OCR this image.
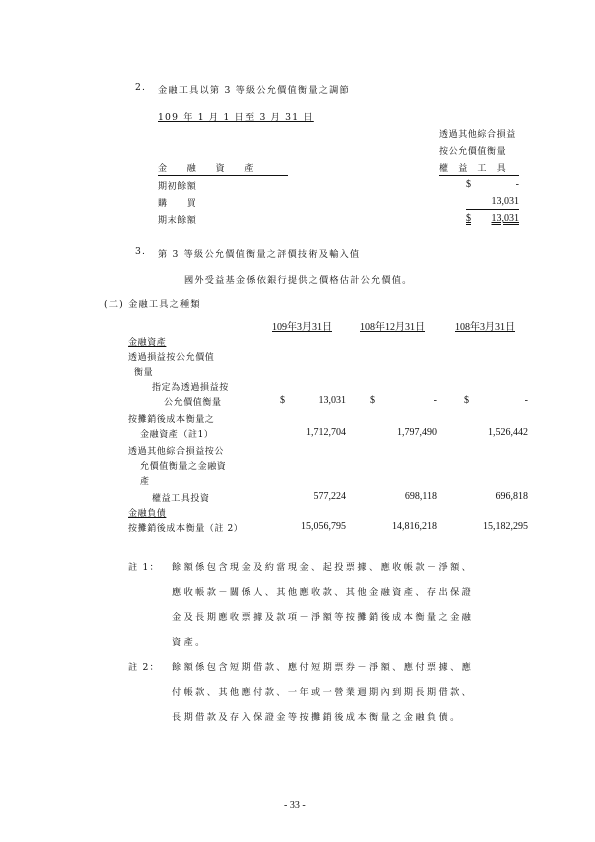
2. 金融工具以第 3 等級公允價值衡量之調節
109 年 1 月 1 日至 3 月 31 日
透過其他綜合損益
按公允價值衡量
權　益　工　具
金　　融　　資　　產
期初餘額	$	-
購　　買	13,031
期末餘額	$	13,031
3. 第 3 等級公允價值衡量之評價技術及輸入值
國外受益基金係依銀行提供之價格估計公允價值。
(二) 金融工具之種類
109年3月31日	108年12月31日	108年3月31日
金融資產
透過損益按公允價值
衡量
指定為透過損益按
公允價值衡量	$	13,031 $	-	$	-
按攤銷後成本衡量之
金融資產（註1）	1,712,704	1,797,490	1,526,442
透過其他綜合損益按公
允價值衡量之金融資
產
權益工具投資	577,224	698,118	696,818
金融負債
按攤銷後成本衡量（註 2）	15,056,795	14,816,218	15,182,295
註 1： 餘額係包含現金及約當現金、起投票據、應收帳款－淨額、
應收帳款－關係人、其他應收款、其他金融資產、存出保證
金及長期應收票據及款項－淨額等按攤銷後成本衡量之金融
資產。
註 2： 餘額係包含短期借款、應付短期票券－淨額、應付票據、應
付帳款、其他應付款、一年或一營業週期內到期長期借款、
長期借款及存入保證金等按攤銷後成本衡量之金融負債。
- 33 -
